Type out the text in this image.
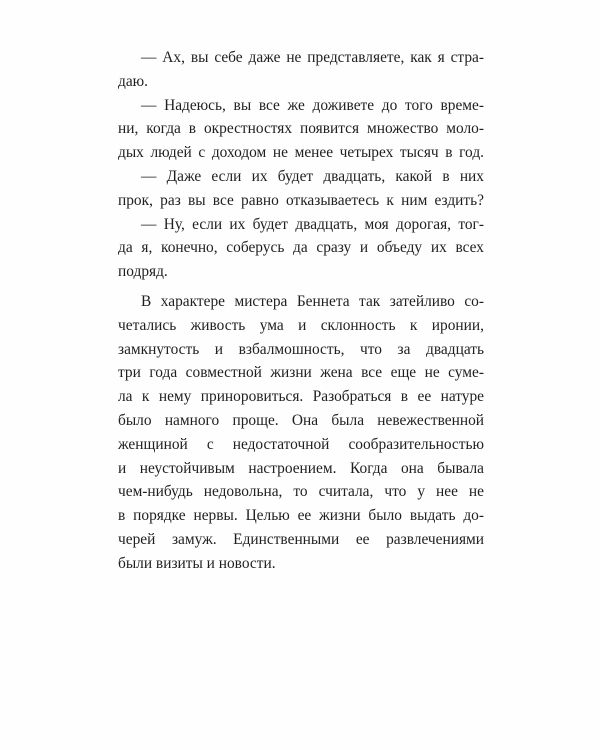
— Ах, вы себе даже не представляете, как я стра-
даю.
— Надеюсь, вы все же доживете до того време-
ни, когда в окрестностях появится множество моло-
дых людей с доходом не менее четырех тысяч в год.
— Даже если их будет двадцать, какой в них
прок, раз вы все равно отказываетесь к ним ездить?
— Ну, если их будет двадцать, моя дорогая, тог-
да я, конечно, соберусь да сразу и объеду их всех
подряд.
В характере мистера Беннета так затейливо со-
четались живость ума и склонность к иронии,
замкнутость и взбалмошность, что за двадцать
три года совместной жизни жена все еще не суме-
ла к нему приноровиться. Разобраться в ее натуре
было намного проще. Она была невежественной
женщиной с недостаточной сообразительностью
и неустойчивым настроением. Когда она бывала
чем-нибудь недовольна, то считала, что у нее не
в порядке нервы. Целью ее жизни было выдать до-
черей замуж. Единственными ее развлечениями
были визиты и новости.
